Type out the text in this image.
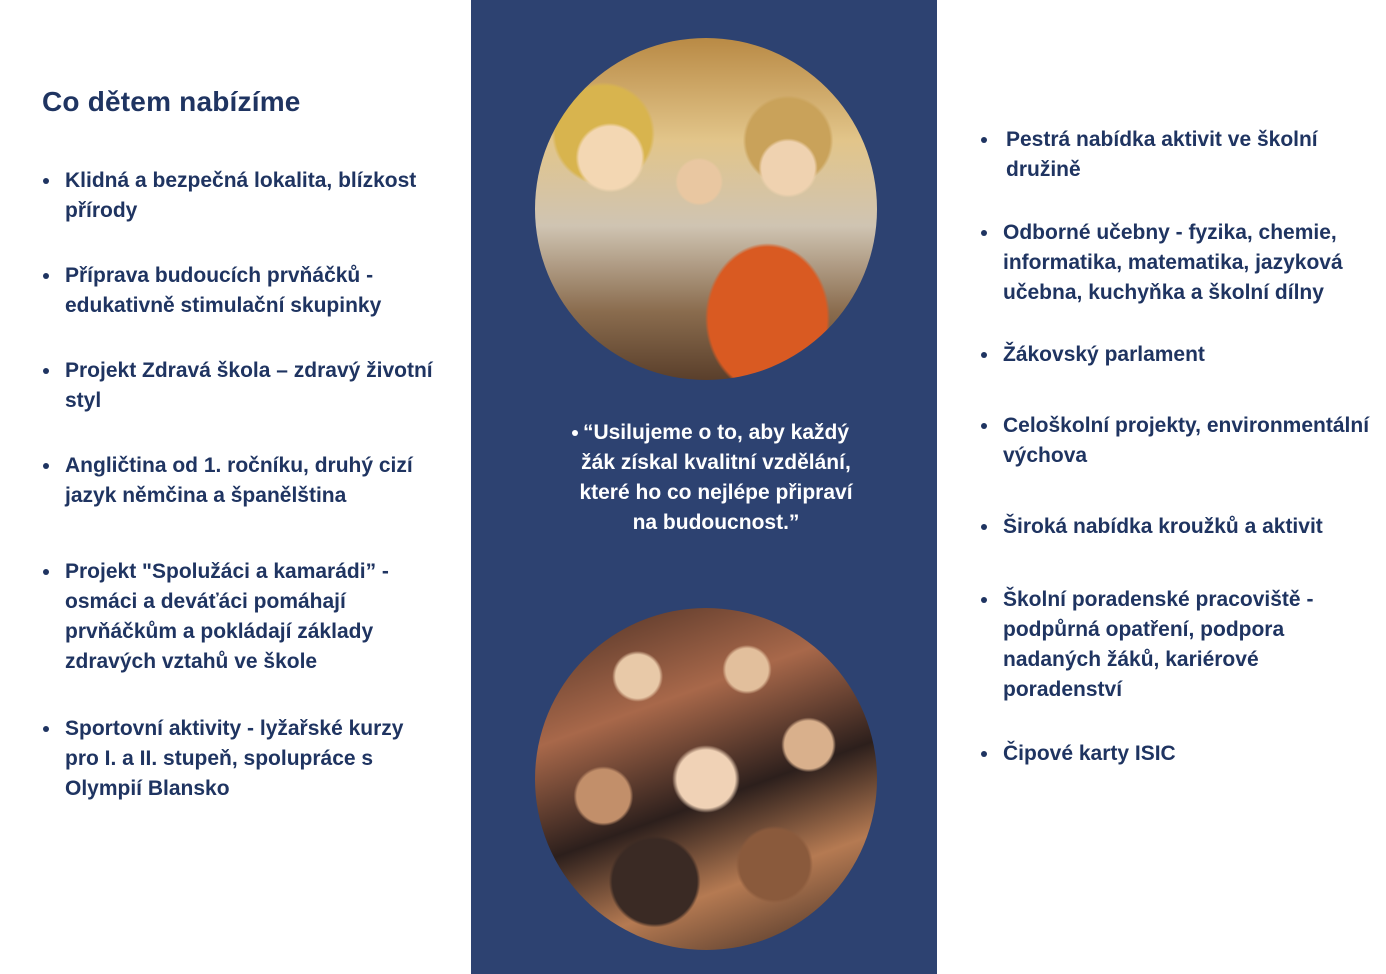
Co dětem nabízíme
Klidná a bezpečná lokalita, blízkost přírody
Příprava budoucích prvňáčků - edukativně stimulační skupinky
Projekt Zdravá škola – zdravý životní styl
Angličtina od 1. ročníku, druhý cizí jazyk němčina a španělština
Projekt "Spolužáci a kamarádi” - osmáci a deváťáci pomáhají prvňáčkům a pokládají základy zdravých vztahů ve škole
Sportovní aktivity - lyžařské kurzy pro I. a II. stupeň, spolupráce s Olympií Blansko
“Usilujeme o to, aby každý žák získal kvalitní vzdělání, které ho co nejlépe připraví na budoucnost.”
Pestrá nabídka aktivit ve školní družině
Odborné učebny - fyzika, chemie, informatika, matematika, jazyková učebna, kuchyňka a školní dílny
Žákovský parlament
Celoškolní projekty, environmentální výchova
Široká nabídka kroužků a aktivit
Školní poradenské pracoviště - podpůrná opatření, podpora nadaných žáků, kariérové poradenství
Čipové karty ISIC
